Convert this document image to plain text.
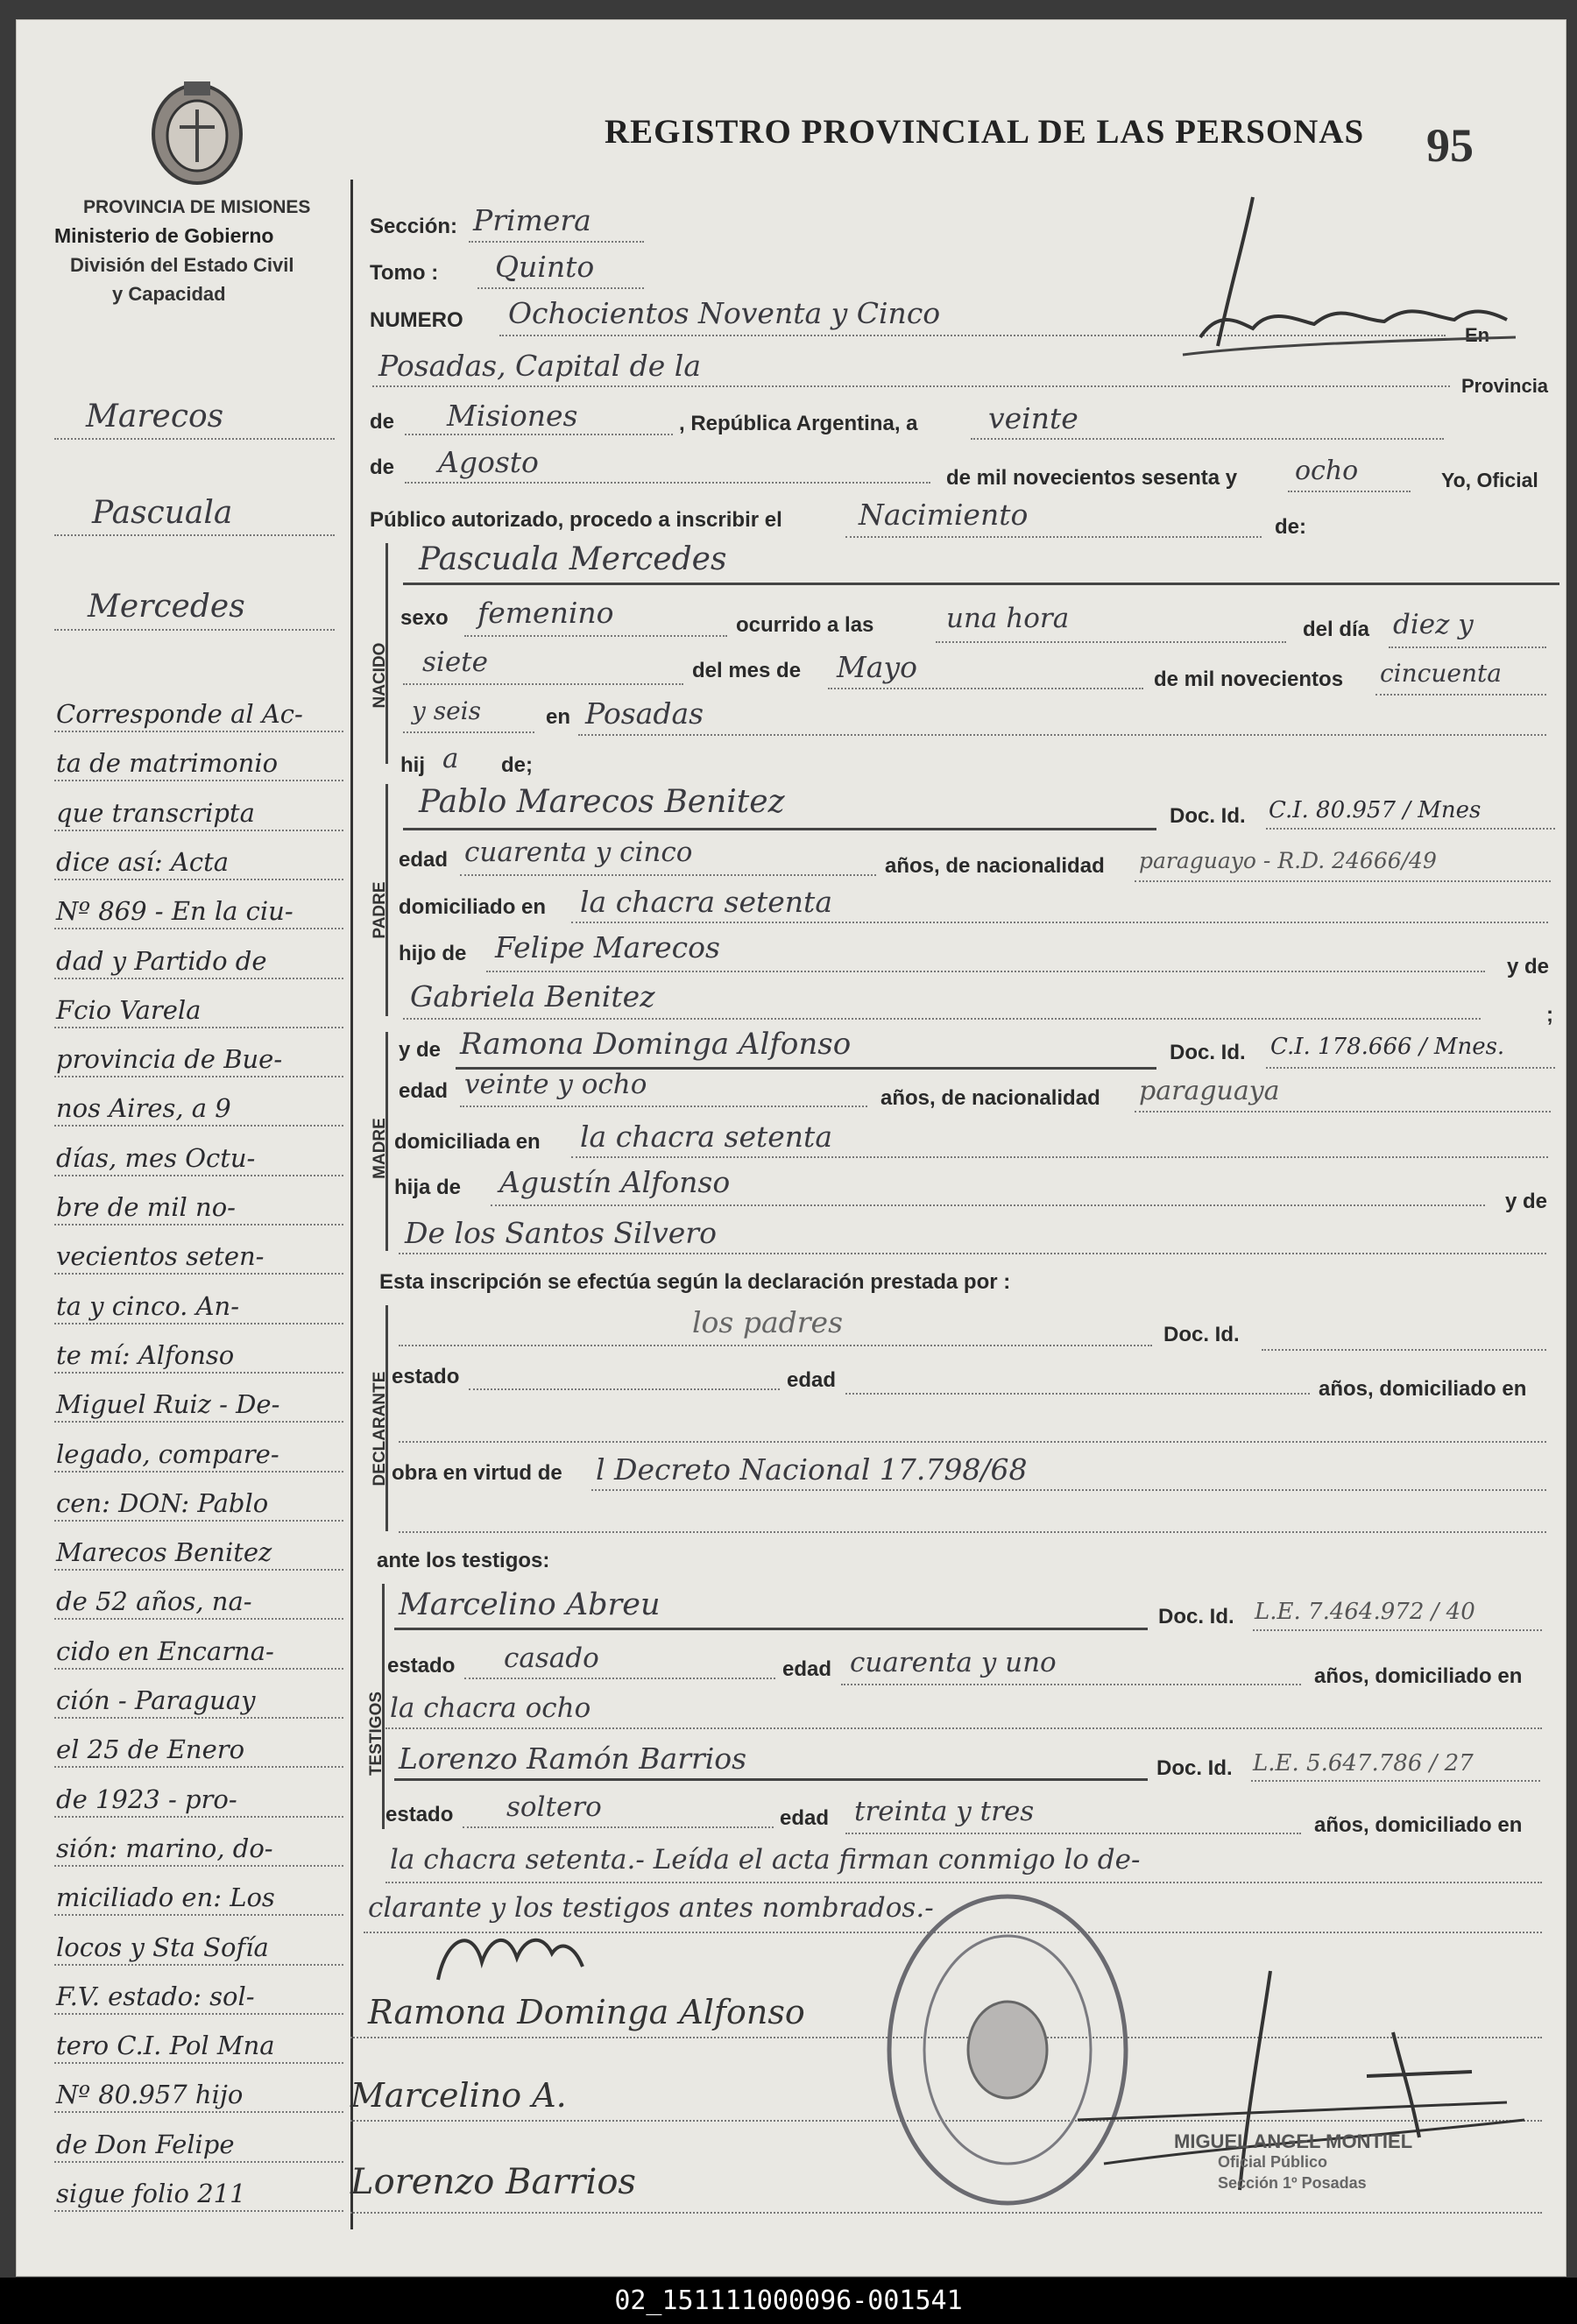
REGISTRO PROVINCIAL DE LAS PERSONAS 95
PROVINCIA DE MISIONES
Ministerio de Gobierno
División del Estado Civil
y Capacidad
Marecos
Pascuala
Mercedes
Corresponde al Ac-
ta de matrimonio
que transcripta
dice así: Acta
Nº 869 - En la ciu-
dad y Partido de
Fcio Varela
provincia de Bue-
nos Aires, a 9
días, mes Octu-
bre de mil no-
vecientos seten-
ta y cinco. An-
te mí: Alfonso
Miguel Ruiz - De-
legado, compare-
cen: DON: Pablo
Marecos Benitez
de 52 años, na-
cido en Encarna-
ción - Paraguay
el 25 de Enero
de 1923 - pro-
sión: marino, do-
miciliado en: Los
locos y Sta Sofía
F.V. estado: sol-
tero C.I. Pol Mna
Nº 80.957 hijo
de Don Felipe
sigue folio 211
Sección: Primera
Tomo : Quinto
NUMERO Ochocientos Noventa y Cinco
En
Posadas, Capital de la
Provincia
de Misiones	, República Argentina, a veinte
de Agosto	de mil novecientos sesenta y ocho	Yo, Oficial
Público autorizado, procedo a inscribir el	Nacimiento	de:
NACIDO
Pascuala Mercedes
sexo femenino	ocurrido a las	una hora	del día diez y
siete	del mes de Mayo	de mil novecientos cincuenta
y seis	en Posadas
hij a de;
PADRE
Pablo Marecos Benitez	Doc. Id. C.I. 80.957 / Mnes
edad cuarenta y cinco	años, de nacionalidad paraguayo - R.D. 24666/49
domiciliado en la chacra setenta
hijo de Felipe Marecos
y de
Gabriela Benitez
;
MADRE
y de Ramona Dominga Alfonso	Doc. Id. C.I. 178.666 / Mnes.
edad veinte y ocho	años, de nacionalidad paraguaya
domiciliada en la chacra setenta
hija de Agustín Alfonso
y de
De los Santos Silvero
Esta inscripción se efectúa según la declaración prestada por :
DECLARANTE
los padres	Doc. Id.
estado	edad	años, domiciliado en
obra en virtud de l Decreto Nacional 17.798/68
ante los testigos:
TESTIGOS
Marcelino Abreu	Doc. Id. L.E. 7.464.972 / 40
estado casado	edad cuarenta y uno	años, domiciliado en
la chacra ocho
Lorenzo Ramón Barrios	Doc. Id. L.E. 5.647.786 / 27
estado soltero	edad treinta y tres	años, domiciliado en
la chacra setenta.- Leída el acta firman conmigo lo de-
clarante y los testigos antes nombrados.-
Ramona Dominga Alfonso
Marcelino A.
Lorenzo Barrios
MIGUEL ANGEL MONTIEL
Oficial Público
Sección 1º Posadas
02_151111000096-001541
